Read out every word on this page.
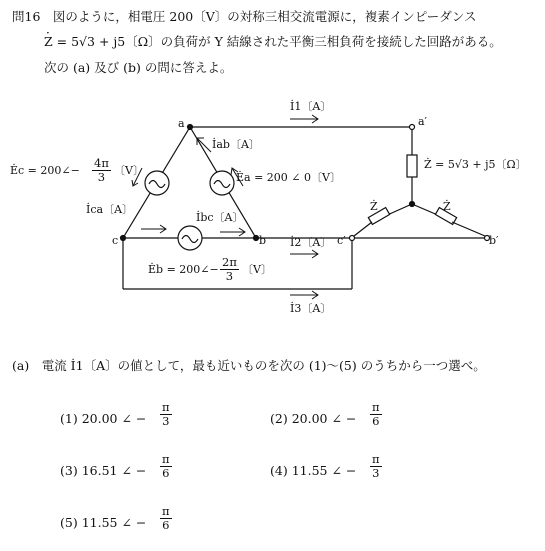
問16　図のように，相電圧 200〔V〕の対称三相交流電源に，複素インピーダンス
· Z = 5√3 + j5〔Ω〕の負荷が Y 結線された平衡三相負荷を接続した回路がある。
次の (a) 及び (b) の問に答えよ。
a
b
c
a′
b′
c′
İ1〔A〕
İ2〔A〕
İ3〔A〕
İab〔A〕
İbc〔A〕
İca〔A〕
Ėa = 200 ∠ 0〔V〕
Ėc = 200∠− $\frac{4\pi}{3}$ 〔V〕
Ėb = 200∠− $\frac{2\pi}{3}$ 〔V〕
Ż = 5√3 + j5〔Ω〕
Ż	Ż
(a)　電流 İ1〔A〕の値として，最も近いものを次の (1)～(5) のうちから一つ選べ。
(1) 20.00 ∠ − $\frac{\pi}{3}$	(2) 20.00 ∠ − $\frac{\pi}{6}$
(3) 16.51 ∠ − $\frac{\pi}{6}$	(4) 11.55 ∠ − $\frac{\pi}{3}$
(5) 11.55 ∠ − $\frac{\pi}{6}$
